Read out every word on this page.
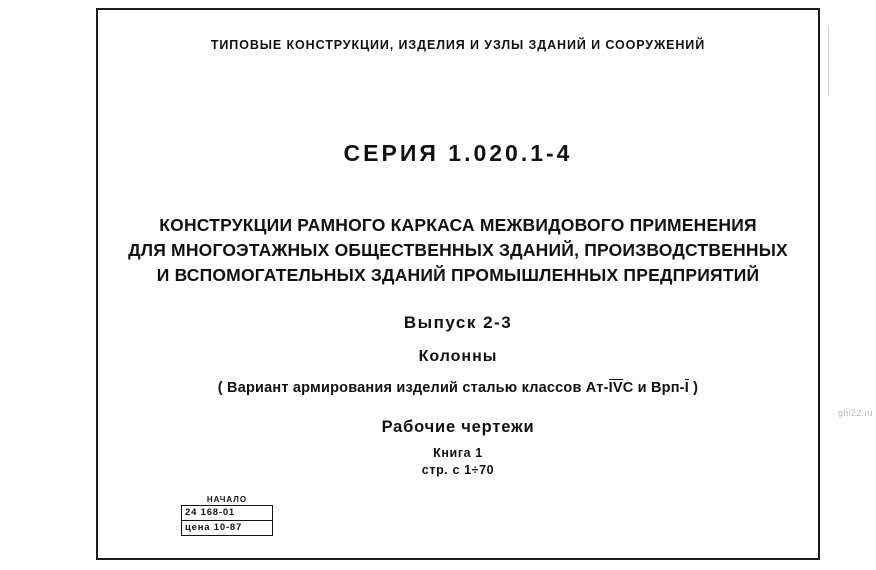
ТИПОВЫЕ КОНСТРУКЦИИ, ИЗДЕЛИЯ И УЗЛЫ ЗДАНИЙ И СООРУЖЕНИЙ
СЕРИЯ 1.020.1-4
КОНСТРУКЦИИ РАМНОГО КАРКАСА МЕЖВИДОВОГО ПРИМЕНЕНИЯ
ДЛЯ МНОГОЭТАЖНЫХ ОБЩЕСТВЕННЫХ ЗДАНИЙ, ПРОИЗВОДСТВЕННЫХ
И ВСПОМОГАТЕЛЬНЫХ ЗДАНИЙ ПРОМЫШЛЕННЫХ ПРЕДПРИЯТИЙ
Выпуск 2-3
Колонны
( Вариант армирования изделий сталью классов Ат-IVС и Врп-I )
Рабочие чертежи
Книга 1
стр. с 1÷70
НАЧАЛО
24 168-01
цена 10-87
gbi22.ru
